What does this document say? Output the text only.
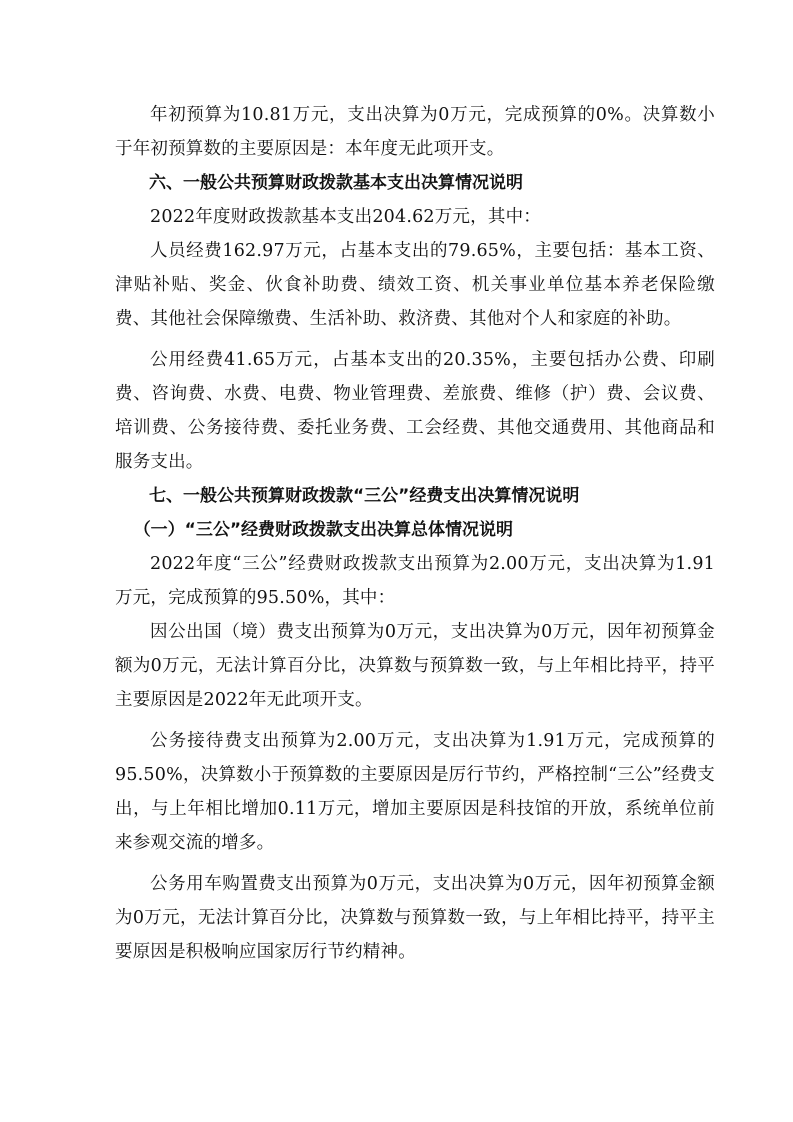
年初预算为10.81万元，支出决算为0万元，完成预算的0%。决算数小于年初预算数的主要原因是：本年度无此项开支。

六、一般公共预算财政拨款基本支出决算情况说明

2022年度财政拨款基本支出204.62万元，其中：

人员经费162.97万元，占基本支出的79.65%，主要包括：基本工资、津贴补贴、奖金、伙食补助费、绩效工资、机关事业单位基本养老保险缴费、其他社会保障缴费、生活补助、救济费、其他对个人和家庭的补助。

公用经费41.65万元，占基本支出的20.35%，主要包括办公费、印刷费、咨询费、水费、电费、物业管理费、差旅费、维修（护）费、会议费、培训费、公务接待费、委托业务费、工会经费、其他交通费用、其他商品和服务支出。

七、一般公共预算财政拨款“三公”经费支出决算情况说明

（一）“三公”经费财政拨款支出决算总体情况说明

2022年度“三公”经费财政拨款支出预算为2.00万元，支出决算为1.91万元，完成预算的95.50%，其中：

因公出国（境）费支出预算为0万元，支出决算为0万元，因年初预算金额为0万元，无法计算百分比，决算数与预算数一致，与上年相比持平，持平主要原因是2022年无此项开支。

公务接待费支出预算为2.00万元，支出决算为1.91万元，完成预算的95.50%，决算数小于预算数的主要原因是厉行节约，严格控制“三公”经费支出，与上年相比增加0.11万元，增加主要原因是科技馆的开放，系统单位前来参观交流的增多。

公务用车购置费支出预算为0万元，支出决算为0万元，因年初预算金额为0万元，无法计算百分比，决算数与预算数一致，与上年相比持平，持平主要原因是积极响应国家厉行节约精神。
